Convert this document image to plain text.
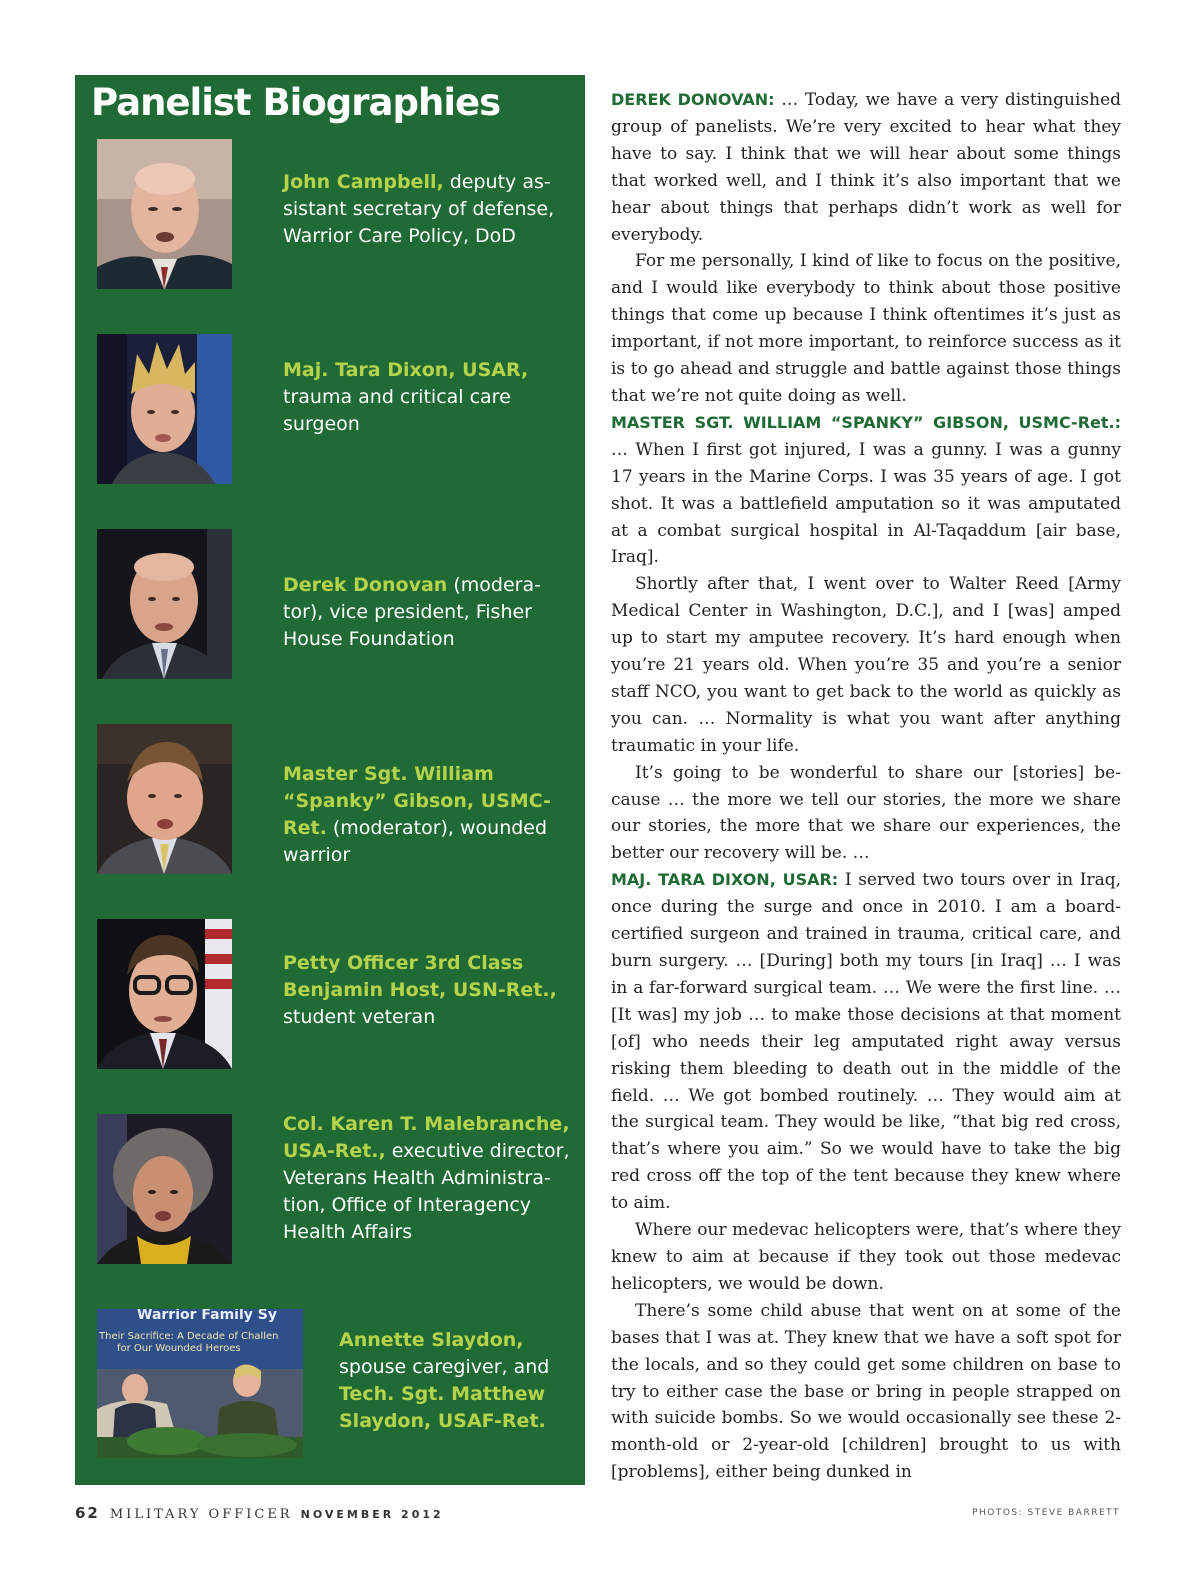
Panelist Biographies

John Campbell, deputy as-sistant secretary of defense, Warrior Care Policy, DoD

Maj. Tara Dixon, USAR, trauma and critical care surgeon

Derek Donovan (modera-tor), vice president, Fisher House Foundation

Master Sgt. William “Spanky” Gibson, USMC-Ret. (moderator), wounded warrior

Petty Officer 3rd Class Benjamin Host, USN-Ret., student veteran

Col. Karen T. Malebranche, USA-Ret., executive director, Veterans Health Administra-tion, Office of Interagency Health Affairs

Warrior Family Sy
Their Sacrifice: A Decade of Challen
for Our Wounded Heroes	Annette Slaydon, spouse caregiver, and
Tech. Sgt. Matthew Slaydon, USAF-Ret.

DEREK DONOVAN: … Today, we have a very distinguished group of panelists. We’re very excited to hear what they have to say. I think that we will hear about some things that worked well, and I think it’s also important that we hear about things that perhaps didn’t work as well for everybody.

For me personally, I kind of like to focus on the positive, and I would like everybody to think about those positive things that come up because I think oftentimes it’s just as important, if not more important, to reinforce success as it is to go ahead and struggle and battle against those things that we’re not quite doing as well.

MASTER SGT. WILLIAM “SPANKY” GIBSON, USMC-Ret.: … When I first got injured, I was a gunny. I was a gunny 17 years in the Marine Corps. I was 35 years of age. I got shot. It was a battlefield amputation so it was amputated at a combat surgical hospital in Al-Taqaddum [air base, Iraq].

Shortly after that, I went over to Walter Reed [Army Medical Center in Washington, D.C.], and I [was] amped up to start my amputee recovery. It’s hard enough when you’re 21 years old. When you’re 35 and you’re a senior staff NCO, you want to get back to the world as quickly as you can. … Normality is what you want after anything traumatic in your life.

It’s going to be wonderful to share our [stories] because … the more we tell our stories, the more we share our stories, the more that we share our experiences, the better our recovery will be. …

MAJ. TARA DIXON, USAR: I served two tours over in Iraq, once during the surge and once in 2010. I am a board-certified surgeon and trained in trauma, critical care, and burn surgery. … [During] both my tours [in Iraq] … I was in a far-forward surgical team. … We were the first line. … [It was] my job … to make those decisions at that moment [of] who needs their leg amputated right away versus risking them bleeding to death out in the middle of the field. … We got bombed routinely. … They would aim at the surgical team. They would be like, “that big red cross, that’s where you aim.” So we would have to take the big red cross off the top of the tent because they knew where to aim.

Where our medevac helicopters were, that’s where they knew to aim at because if they took out those medevac helicopters, we would be down.

There’s some child abuse that went on at some of the bases that I was at. They knew that we have a soft spot for the locals, and so they could get some children on base to try to either case the base or bring in people strapped on with suicide bombs. So we would occasionally see these 2-month-old or 2-year-old [children] brought to us with [problems], either being dunked in

62 MILITARY OFFICER NOVEMBER 2012	PHOTOS: STEVE BARRETT
